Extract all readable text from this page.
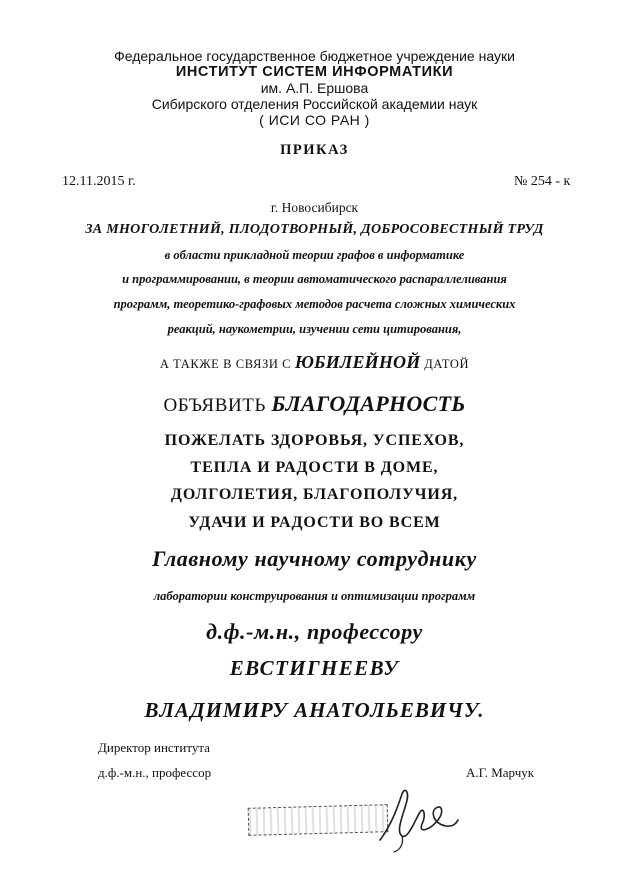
Федеральное государственное бюджетное учреждение науки
ИНСТИТУТ СИСТЕМ ИНФОРМАТИКИ
им. А.П. Ершова
Сибирского отделения Российской академии наук
( ИСИ СО РАН )
ПРИКАЗ
12.11.2015 г.	№ 254 - к
г. Новосибирск
ЗА МНОГОЛЕТНИЙ, ПЛОДОТВОРНЫЙ, ДОБРОСОВЕСТНЫЙ ТРУД
в области прикладной теории графов в информатике
и программировании, в теории автоматического распараллеливания
программ, теоретико-графовых методов расчета сложных химических
реакций, наукометрии, изучении сети цитирования,
А ТАКЖЕ В СВЯЗИ С ЮБИЛЕЙНОЙ ДАТОЙ
ОБЪЯВИТЬ БЛАГОДАРНОСТЬ
ПОЖЕЛАТЬ ЗДОРОВЬЯ, УСПЕХОВ,
ТЕПЛА И РАДОСТИ В ДОМЕ,
ДОЛГОЛЕТИЯ, БЛАГОПОЛУЧИЯ,
УДАЧИ И РАДОСТИ ВО ВСЕМ
Главному научному сотруднику
лаборатории конструирования и оптимизации программ
д.ф.-м.н., профессору
ЕВСТИГНЕЕВУ
ВЛАДИМИРУ АНАТОЛЬЕВИЧУ.
Директор института
д.ф.-м.н., профессор	А.Г. Марчук
